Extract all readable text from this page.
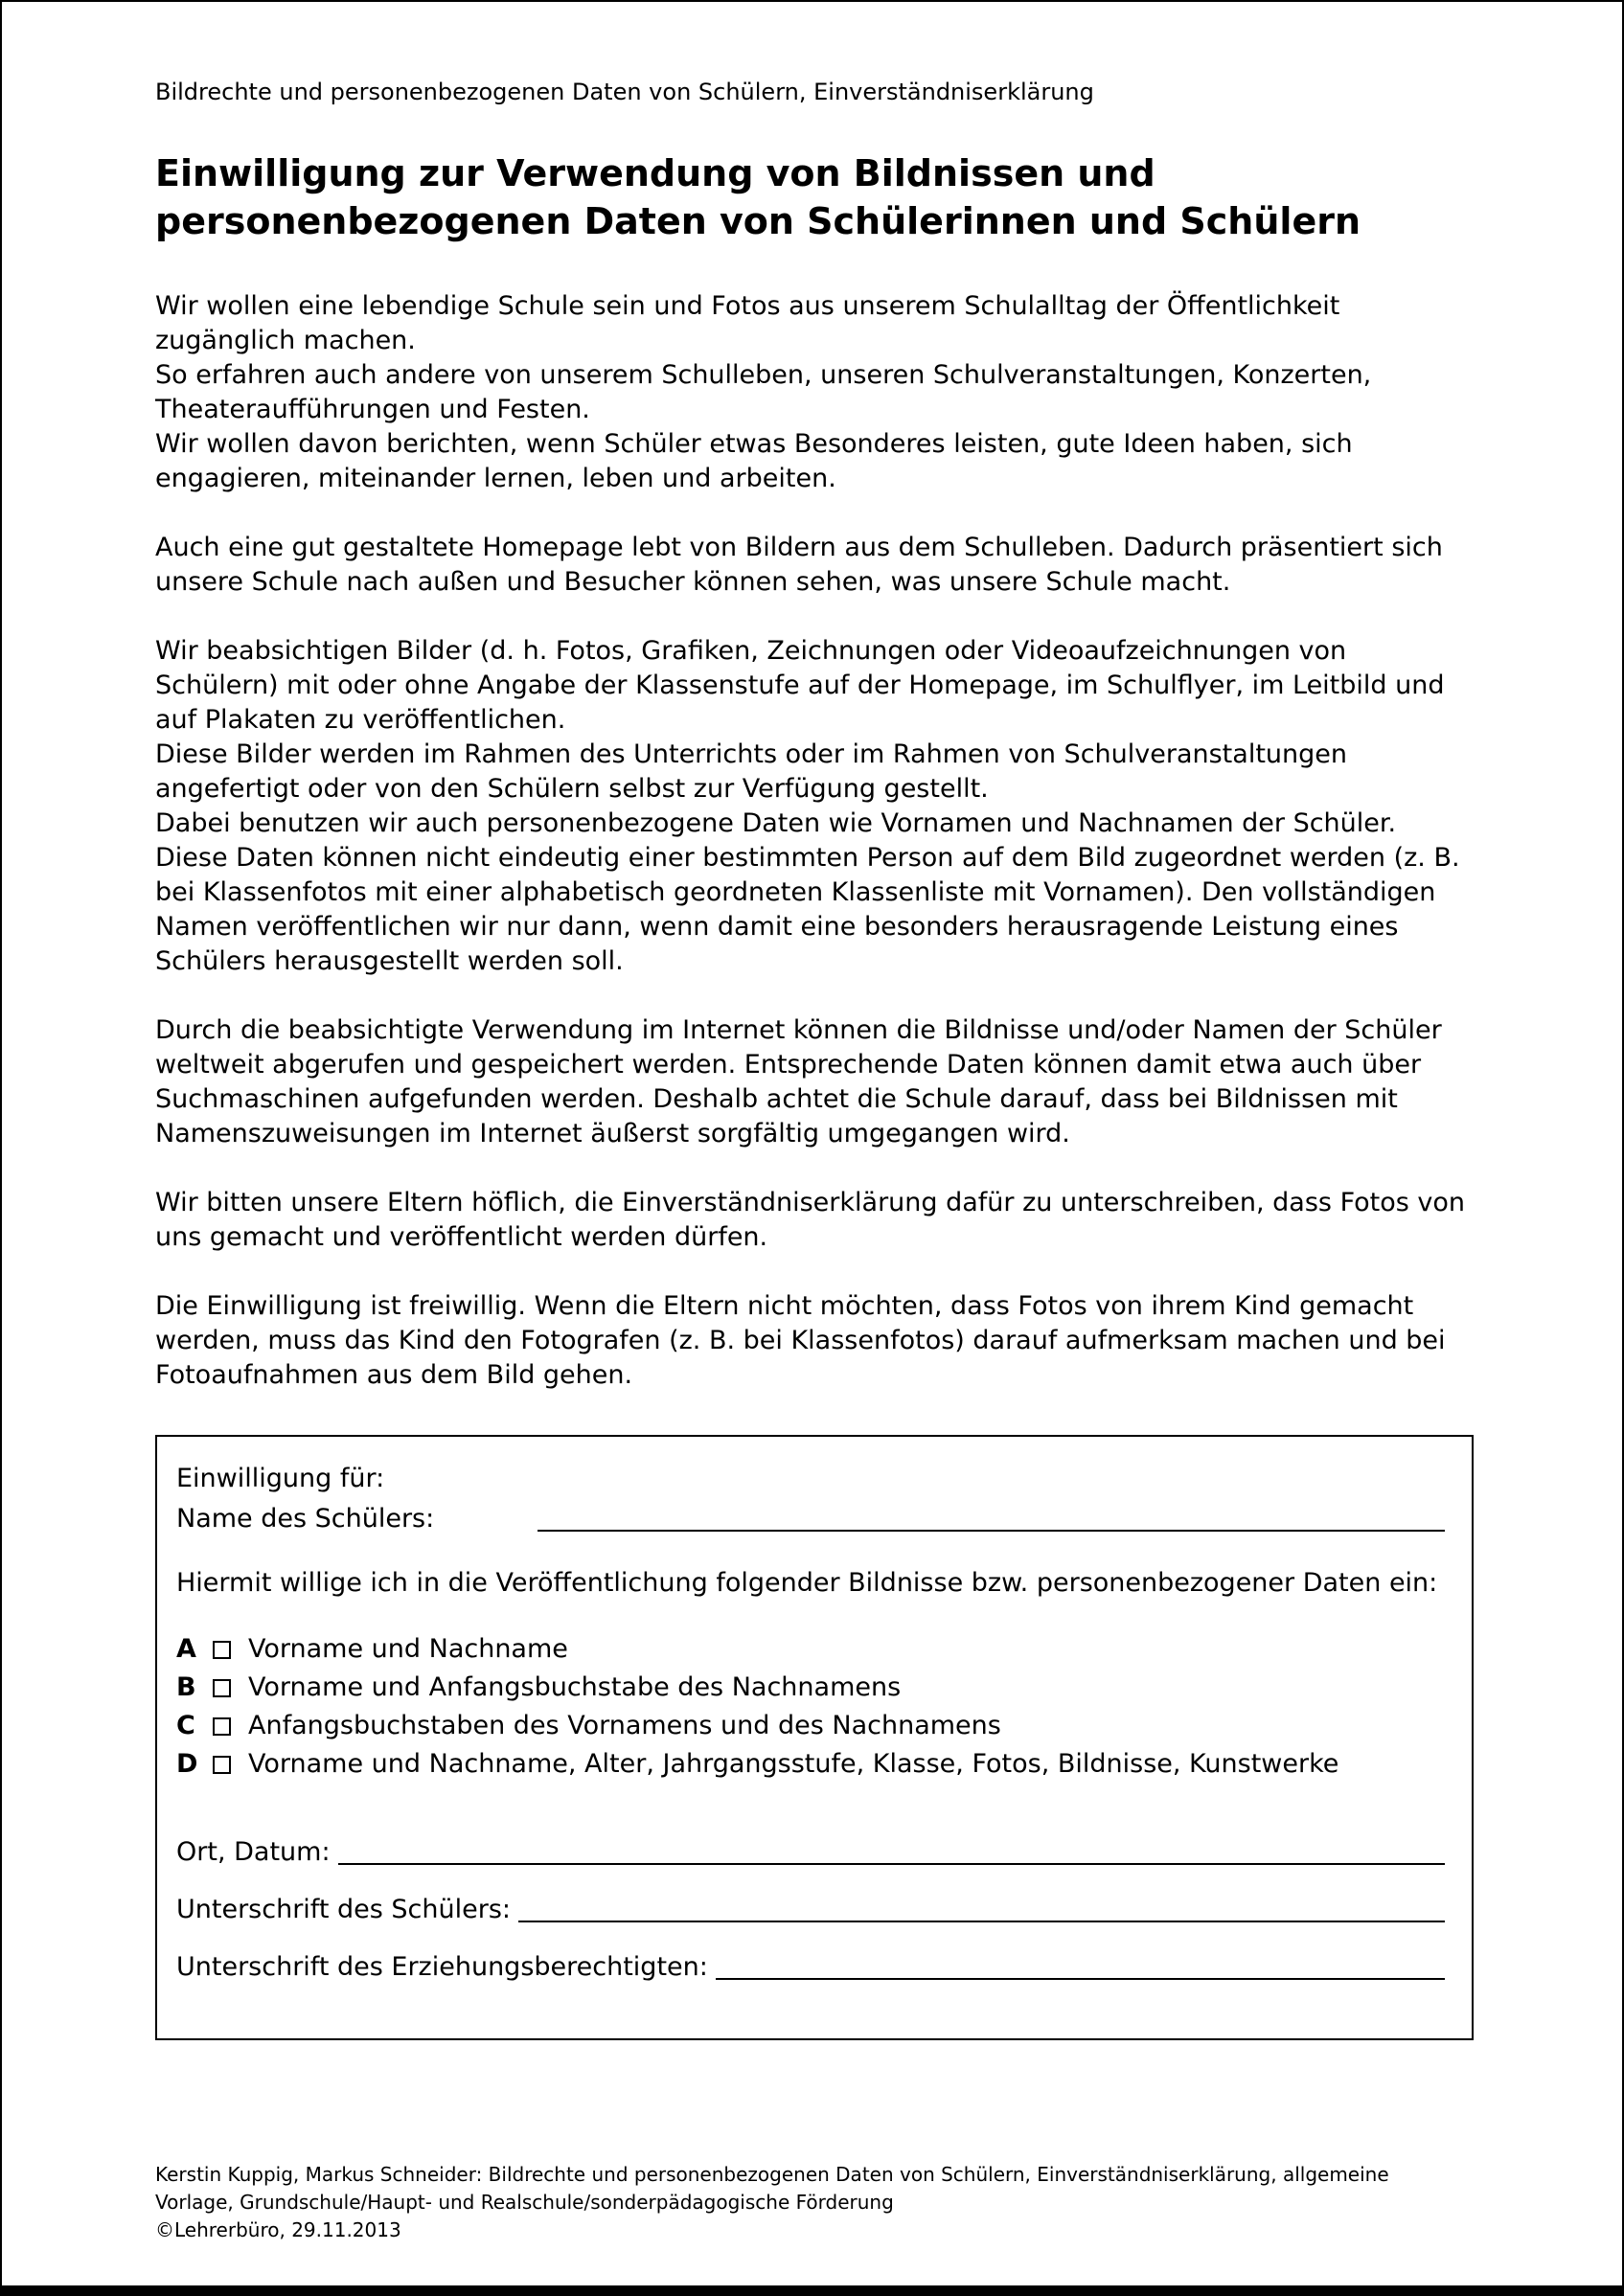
Bildrechte und personenbezogenen Daten von Schülern, Einverständniserklärung
Einwilligung zur Verwendung von Bildnissen und
personenbezogenen Daten von Schülerinnen und Schülern
Wir wollen eine lebendige Schule sein und Fotos aus unserem Schulalltag der Öffentlichkeit zugänglich machen.
So erfahren auch andere von unserem Schulleben, unseren Schulveranstaltungen, Konzerten, Theateraufführungen und Festen.
Wir wollen davon berichten, wenn Schüler etwas Besonderes leisten, gute Ideen haben, sich engagieren, miteinander lernen, leben und arbeiten.
Auch eine gut gestaltete Homepage lebt von Bildern aus dem Schulleben. Dadurch präsentiert sich unsere Schule nach außen und Besucher können sehen, was unsere Schule macht.
Wir beabsichtigen Bilder (d. h. Fotos, Grafiken, Zeichnungen oder Videoaufzeichnungen von Schülern) mit oder ohne Angabe der Klassenstufe auf der Homepage, im Schulflyer, im Leitbild und auf Plakaten zu veröffentlichen.
Diese Bilder werden im Rahmen des Unterrichts oder im Rahmen von Schulveranstaltungen angefertigt oder von den Schülern selbst zur Verfügung gestellt.
Dabei benutzen wir auch personenbezogene Daten wie Vornamen und Nachnamen der Schüler. Diese Daten können nicht eindeutig einer bestimmten Person auf dem Bild zugeordnet werden (z. B. bei Klassenfotos mit einer alphabetisch geordneten Klassenliste mit Vornamen). Den vollständigen Namen veröffentlichen wir nur dann, wenn damit eine besonders herausragende Leistung eines Schülers herausgestellt werden soll.
Durch die beabsichtigte Verwendung im Internet können die Bildnisse und/oder Namen der Schüler weltweit abgerufen und gespeichert werden. Entsprechende Daten können damit etwa auch über Suchmaschinen aufgefunden werden. Deshalb achtet die Schule darauf, dass bei Bildnissen mit Namenszuweisungen im Internet äußerst sorgfältig umgegangen wird.
Wir bitten unsere Eltern höflich, die Einverständniserklärung dafür zu unterschreiben, dass Fotos von uns gemacht und veröffentlicht werden dürfen.
Die Einwilligung ist freiwillig. Wenn die Eltern nicht möchten, dass Fotos von ihrem Kind gemacht werden, muss das Kind den Fotografen (z. B. bei Klassenfotos) darauf aufmerksam machen und bei Fotoaufnahmen aus dem Bild gehen.
Einwilligung für:
Name des Schülers:
Hiermit willige ich in die Veröffentlichung folgender Bildnisse bzw. personenbezogener Daten ein:
A	Vorname und Nachname
B	Vorname und Anfangsbuchstabe des Nachnamens
C	Anfangsbuchstaben des Vornamens und des Nachnamens
D	Vorname und Nachname, Alter, Jahrgangsstufe, Klasse, Fotos, Bildnisse, Kunstwerke
Ort, Datum:
Unterschrift des Schülers:
Unterschrift des Erziehungsberechtigten:
Kerstin Kuppig, Markus Schneider: Bildrechte und personenbezogenen Daten von Schülern, Einverständniserklärung, allgemeine
Vorlage, Grundschule/Haupt- und Realschule/sonderpädagogische Förderung
©Lehrerbüro, 29.11.2013
